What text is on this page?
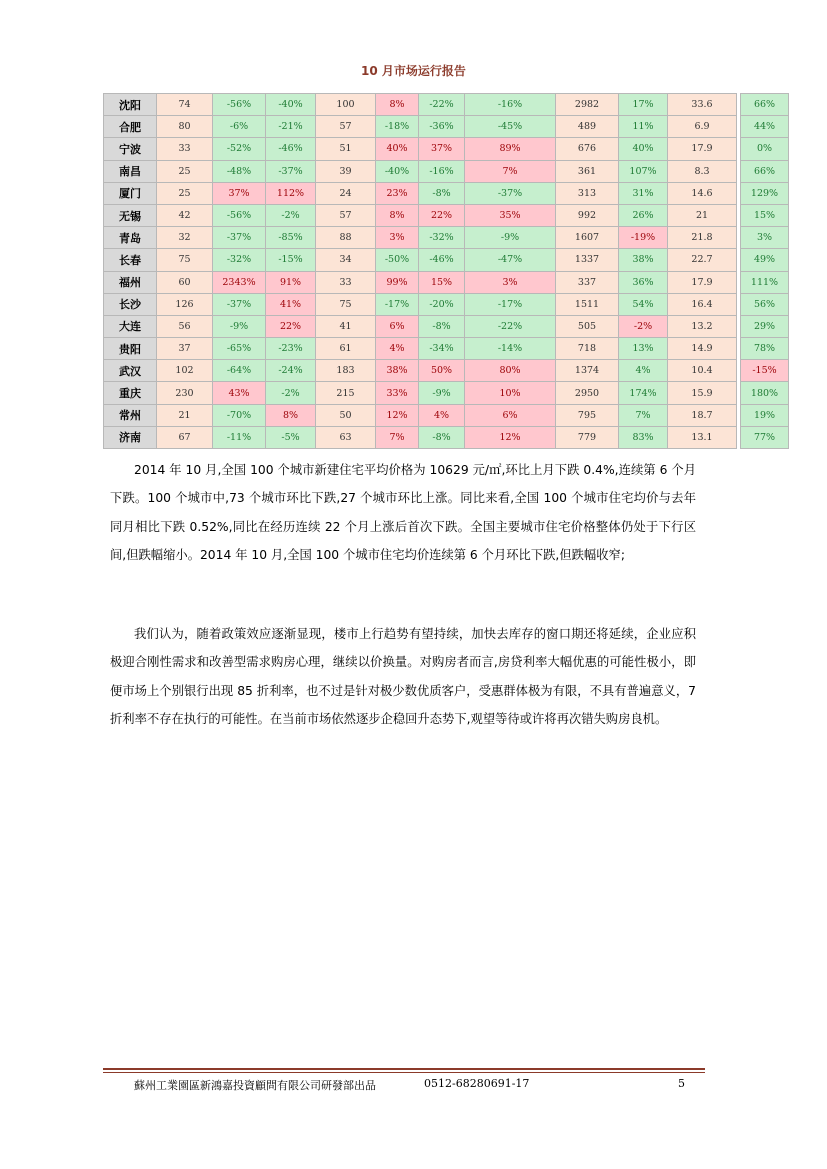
10 月市场运行报告
沈阳	74	-56%	-40%	100	8%	-22%	-16%	2982	17%	33.6		66%
合肥	80	-6%	-21%	57	-18%	-36%	-45%	489	11%	6.9		44%
宁波	33	-52%	-46%	51	40%	37%	89%	676	40%	17.9		0%
南昌	25	-48%	-37%	39	-40%	-16%	7%	361	107%	8.3		66%
厦门	25	37%	112%	24	23%	-8%	-37%	313	31%	14.6		129%
无锡	42	-56%	-2%	57	8%	22%	35%	992	26%	21		15%
青岛	32	-37%	-85%	88	3%	-32%	-9%	1607	-19%	21.8		3%
长春	75	-32%	-15%	34	-50%	-46%	-47%	1337	38%	22.7		49%
福州	60	2343%	91%	33	99%	15%	3%	337	36%	17.9		111%
长沙	126	-37%	41%	75	-17%	-20%	-17%	1511	54%	16.4		56%
大连	56	-9%	22%	41	6%	-8%	-22%	505	-2%	13.2		29%
贵阳	37	-65%	-23%	61	4%	-34%	-14%	718	13%	14.9		78%
武汉	102	-64%	-24%	183	38%	50%	80%	1374	4%	10.4		-15%
重庆	230	43%	-2%	215	33%	-9%	10%	2950	174%	15.9		180%
常州	21	-70%	8%	50	12%	4%	6%	795	7%	18.7		19%
济南	67	-11%	-5%	63	7%	-8%	12%	779	83%	13.1		77%

2014 年 10 月,全国 100 个城市新建住宅平均价格为 10629 元/㎡,环比上月下跌 0.4%,连续第 6 个月下跌。100 个城市中,73 个城市环比下跌,27 个城市环比上涨。同比来看,全国 100 个城市住宅均价与去年同月相比下跌 0.52%,同比在经历连续 22 个月上涨后首次下跌。全国主要城市住宅价格整体仍处于下行区间,但跌幅缩小。2014 年 10 月,全国 100 个城市住宅均价连续第 6 个月环比下跌,但跌幅收窄;

我们认为，随着政策效应逐渐显现，楼市上行趋势有望持续，加快去库存的窗口期还将延续，企业应积极迎合刚性需求和改善型需求购房心理，继续以价换量。对购房者而言,房贷利率大幅优惠的可能性极小，即便市场上个别银行出现 85 折利率，也不过是针对极少数优质客户，受惠群体极为有限，不具有普遍意义，7 折利率不存在执行的可能性。在当前市场依然逐步企稳回升态势下,观望等待或许将再次错失购房良机。

蘇州工業園區新鴻嘉投資顧問有限公司研發部出品	0512-68280691-17	5
